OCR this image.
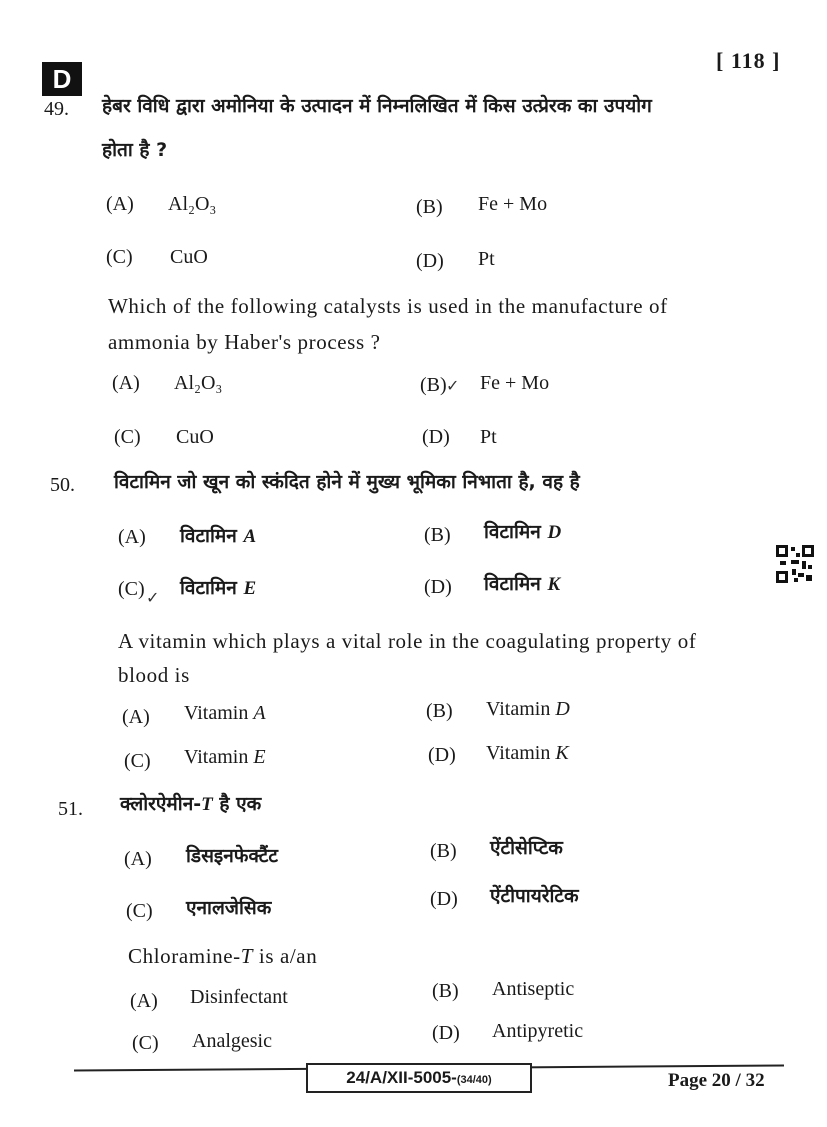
D
[ 118 ]
49. हेबर विधि द्वारा अमोनिया के उत्पादन में निम्नलिखित में किस उत्प्रेरक का उपयोग
होता है ?
(A) Al₂O₃	(B) Fe + Mo
(C) CuO	(D) Pt
Which of the following catalysts is used in the manufacture of
ammonia by Haber's process ?
(A) Al₂O₃	(B) ✓ Fe + Mo
(C) CuO	(D) Pt
50. विटामिन जो खून को स्कंदित होने में मुख्य भूमिका निभाता है, वह है
(A) विटामिन A	(B) विटामिन D
(C) ✓ विटामिन E	(D) विटामिन K
A vitamin which plays a vital role in the coagulating property of
blood is
(A) Vitamin A	(B) Vitamin D
(C) Vitamin E	(D) Vitamin K
51. क्लोरऐमीन-T है एक
(A) डिसइनफेक्टैंट	(B) ऐंटीसेप्टिक
(C) एनालजेसिक	(D) ऐंटीपायरेटिक
Chloramine-T is a/an
(A) Disinfectant	(B) Antiseptic
(C) Analgesic	(D) Antipyretic
24/A/XII-5005-(34/40)	Page 20 / 32
